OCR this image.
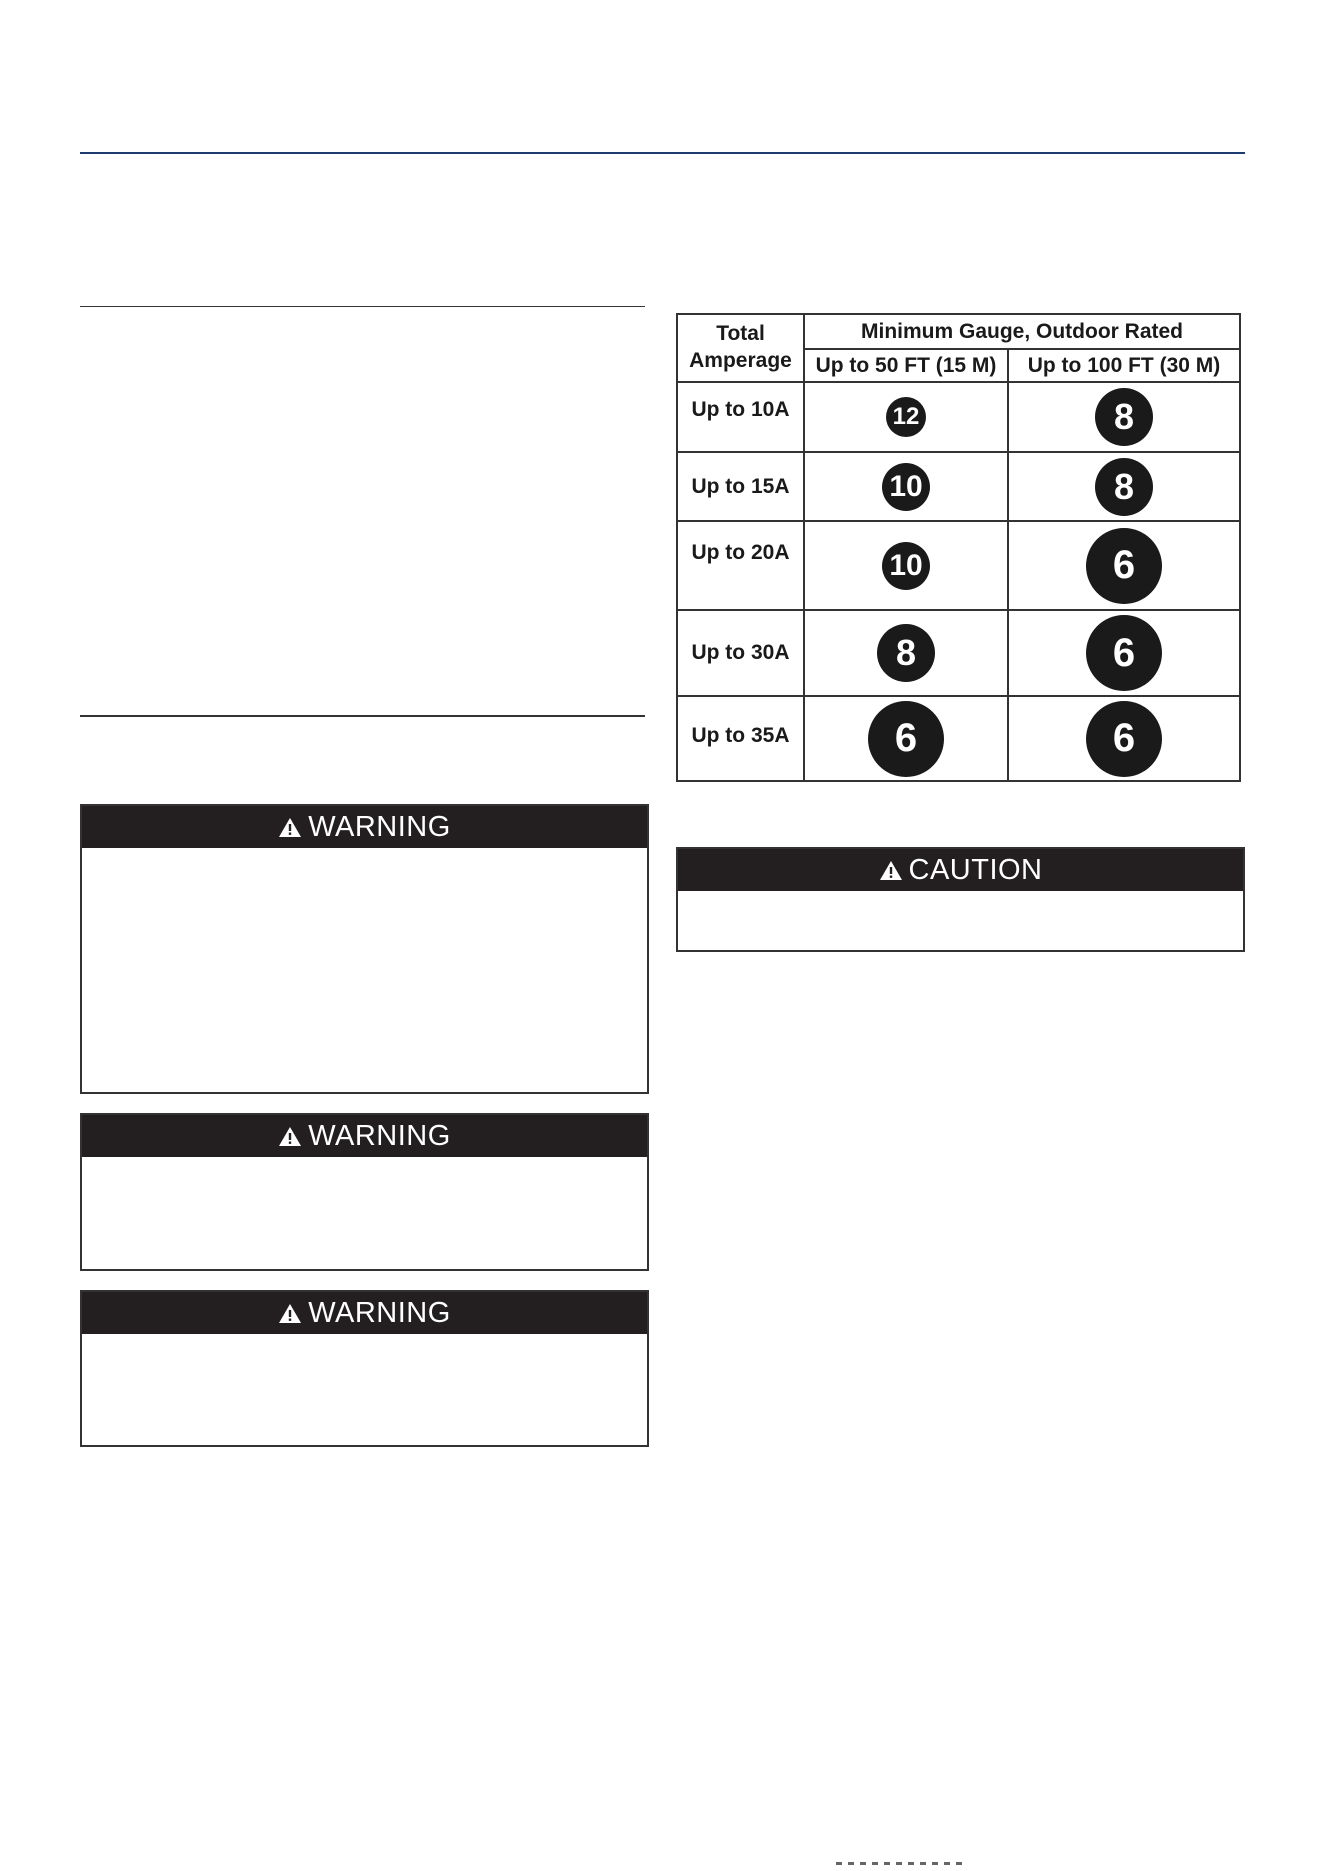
Total Amperage	Minimum Gauge, Outdoor Rated	
	Up to 50 FT (15 M)	Up to 100 FT (30 M)
Up to 10A	12	8
Up to 15A	10	8
Up to 20A	10	6
Up to 30A	8	6
Up to 35A	6	6
WARNING
WARNING
WARNING
CAUTION
